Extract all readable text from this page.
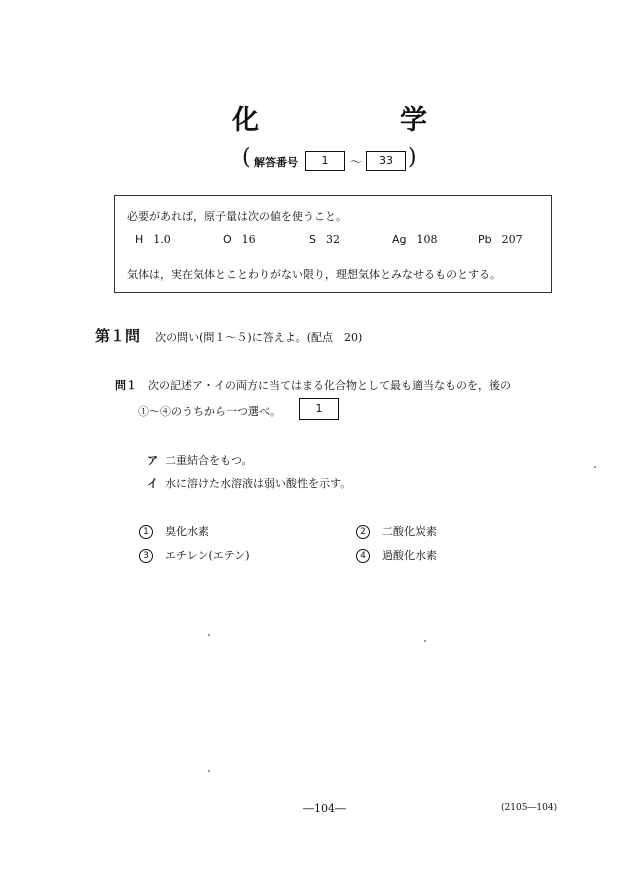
化	学
( 解答番号	1	〜	33 )
必要があれば，原子量は次の値を使うこと。
H 1.0	O 16	S 32	Ag 108	Pb 207
気体は，実在気体とことわりがない限り，理想気体とみなせるものとする。
第１問 次の問い(問１〜５)に答えよ。(配点　20)
問１ 次の記述ア・イの両方に当てはまる化合物として最も適当なものを，後の
①〜④のうちから一つ選べ。	1
ア 二重結合をもつ。
イ 水に溶けた水溶液は弱い酸性を示す。
1 臭化水素	2 二酸化炭素
3 エチレン(エテン)	4 過酸化水素
―104―	(2105―104)
